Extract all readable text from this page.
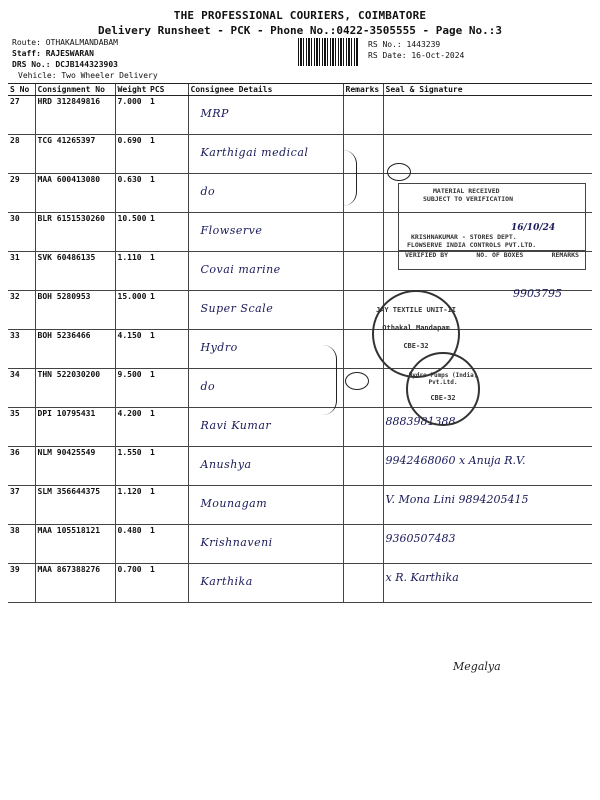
THE PROFESSIONAL COURIERS, COIMBATORE
Delivery Runsheet - PCK - Phone No.:0422-3505555 - Page No.:3
Route: OTHAKALMANDABAM
Staff: RAJESWARAN
DRS No.: DCJB144323903
Vehicle: Two Wheeler Delivery
RS No.: 1443239
RS Date: 16-Oct-2024
S No	Consignment No	Weight	PCS	Consignee Details	Remarks	Seal & Signature
27	HRD 312849816	7.000	1	MRP		

28	TCG 41265397	0.690	1	Karthigai medical		

29	MAA 600413080	0.630	1	do		

30	BLR 6151530260	10.500	1	Flowserve		

31	SVK 60486135	1.110	1	Covai marine		

32	BOH 5280953	15.000	1	Super Scale		

33	BOH 5236466	4.150	1	Hydro		

34	THN 522030200	9.500	1	do		

35	DPI 10795431	4.200	1	Ravi Kumar		8883981388

36	NLM 90425549	1.550	1	Anushya		9942468060 x Anuja R.V.

37	SLM 356644375	1.120	1	Mounagam		V. Mona Lini 9894205415

38	MAA 105518121	0.480	1	Krishnaveni		9360507483

39	MAA 867388276	0.700	1	Karthika		x R. Karthika
MATERIAL RECEIVED
SUBJECT TO VERIFICATION
16/10/24
KRISHNAKUMAR - STORES DEPT.
FLOWSERVE INDIA CONTROLS PVT.LTD.
VERIFIED BY	NO. OF BOXES	REMARKS
9903795
JAY TEXTILE UNIT-II
Othakal Mandapam
CBE-32
Hydro Pumps (India) Pvt.Ltd.
CBE-32
Megalya
